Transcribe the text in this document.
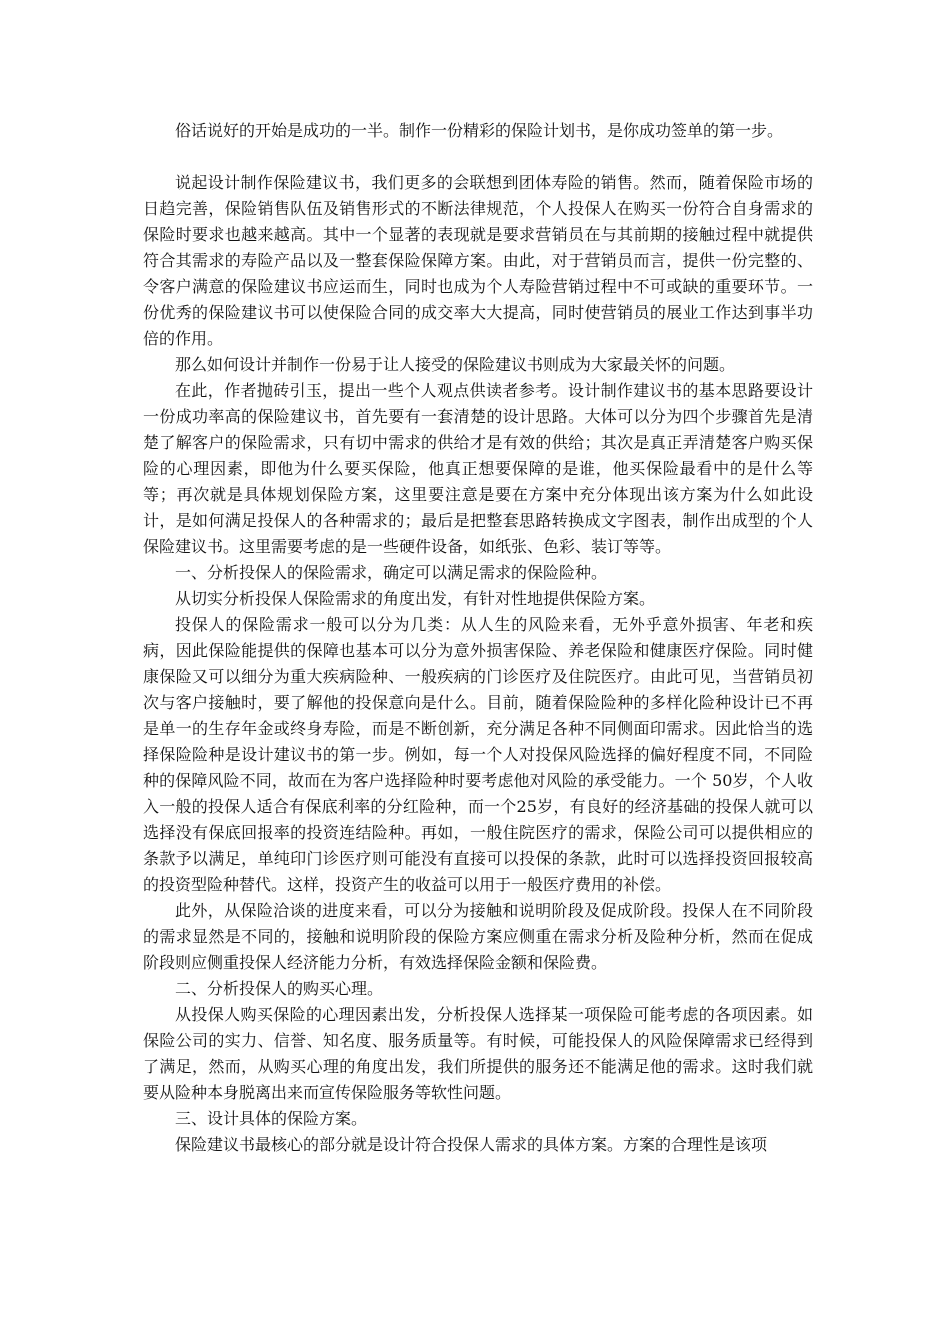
俗话说好的开始是成功的一半。制作一份精彩的保险计划书，是你成功签单的第一步。

说起设计制作保险建议书，我们更多的会联想到团体寿险的销售。然而，随着保险市场的日趋完善，保险销售队伍及销售形式的不断法律规范，个人投保人在购买一份符合自身需求的保险时要求也越来越高。其中一个显著的表现就是要求营销员在与其前期的接触过程中就提供符合其需求的寿险产品以及一整套保险保障方案。由此，对于营销员而言，提供一份完整的、令客户满意的保险建议书应运而生，同时也成为个人寿险营销过程中不可或缺的重要环节。一份优秀的保险建议书可以使保险合同的成交率大大提高，同时使营销员的展业工作达到事半功倍的作用。

那么如何设计并制作一份易于让人接受的保险建议书则成为大家最关怀的问题。

在此，作者抛砖引玉，提出一些个人观点供读者参考。设计制作建议书的基本思路要设计一份成功率高的保险建议书，首先要有一套清楚的设计思路。大体可以分为四个步骤首先是清楚了解客户的保险需求，只有切中需求的供给才是有效的供给；其次是真正弄清楚客户购买保险的心理因素，即他为什么要买保险，他真正想要保障的是谁，他买保险最看中的是什么等等；再次就是具体规划保险方案，这里要注意是要在方案中充分体现出该方案为什么如此设计，是如何满足投保人的各种需求的；最后是把整套思路转换成文字图表，制作出成型的个人保险建议书。这里需要考虑的是一些硬件设备，如纸张、色彩、装订等等。

一、分析投保人的保险需求，确定可以满足需求的保险险种。

从切实分析投保人保险需求的角度出发，有针对性地提供保险方案。

投保人的保险需求一般可以分为几类：从人生的风险来看，无外乎意外损害、年老和疾病，因此保险能提供的保障也基本可以分为意外损害保险、养老保险和健康医疗保险。同时健康保险又可以细分为重大疾病险种、一般疾病的门诊医疗及住院医疗。由此可见，当营销员初次与客户接触时，要了解他的投保意向是什么。目前，随着保险险种的多样化险种设计已不再是单一的生存年金或终身寿险，而是不断创新，充分满足各种不同侧面印需求。因此恰当的选择保险险种是设计建议书的第一步。例如，每一个人对投保风险选择的偏好程度不同，不同险种的保障风险不同，故而在为客户选择险种时要考虑他对风险的承受能力。一个 50岁，个人收入一般的投保人适合有保底利率的分红险种，而一个25岁，有良好的经济基础的投保人就可以选择没有保底回报率的投资连结险种。再如，一般住院医疗的需求，保险公司可以提供相应的条款予以满足，单纯印门诊医疗则可能没有直接可以投保的条款，此时可以选择投资回报较高的投资型险种替代。这样，投资产生的收益可以用于一般医疗费用的补偿。

此外，从保险洽谈的进度来看，可以分为接触和说明阶段及促成阶段。投保人在不同阶段的需求显然是不同的，接触和说明阶段的保险方案应侧重在需求分析及险种分析，然而在促成阶段则应侧重投保人经济能力分析，有效选择保险金额和保险费。

二、分析投保人的购买心理。

从投保人购买保险的心理因素出发，分析投保人选择某一项保险可能考虑的各项因素。如保险公司的实力、信誉、知名度、服务质量等。有时候，可能投保人的风险保障需求已经得到了满足，然而，从购买心理的角度出发，我们所提供的服务还不能满足他的需求。这时我们就要从险种本身脱离出来而宣传保险服务等软性问题。

三、设计具体的保险方案。

保险建议书最核心的部分就是设计符合投保人需求的具体方案。方案的合理性是该项
